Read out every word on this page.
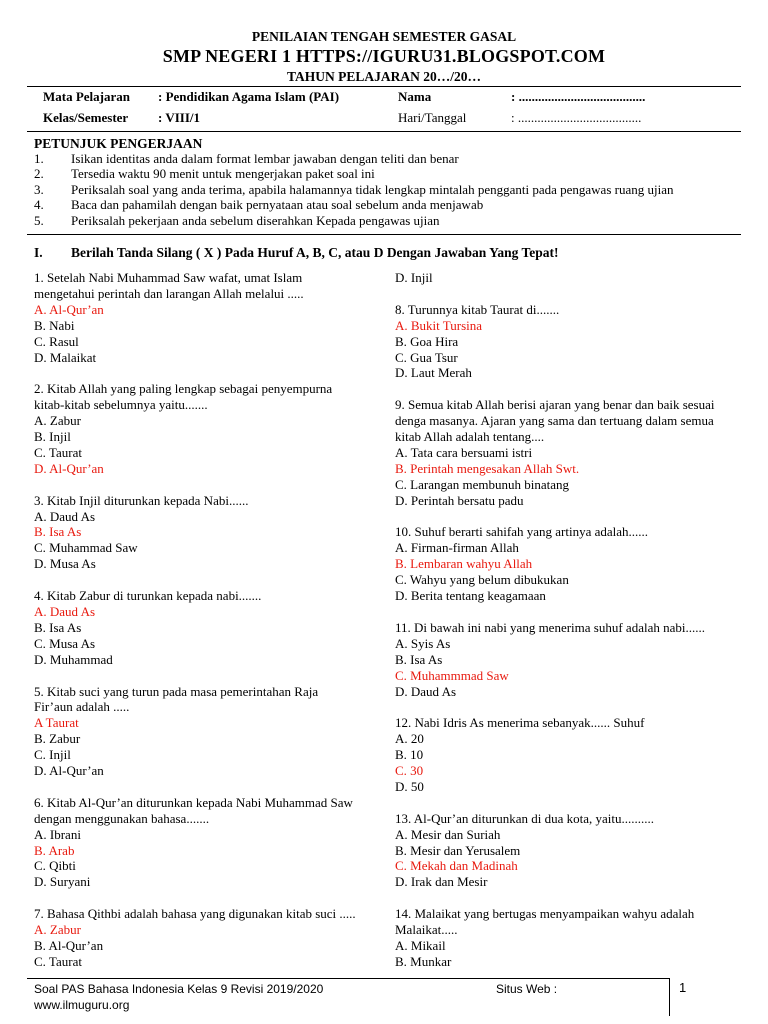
PENILAIAN TENGAH SEMESTER GASAL
SMP NEGERI 1 HTTPS://IGURU31.BLOGSPOT.COM
TAHUN PELAJARAN 20…/20…
Mata Pelajaran : Pendidikan Agama Islam (PAI)	Nama	: .......................................
Kelas/Semester : VIII/1	Hari/Tanggal	: ......................................
PETUNJUK PENGERJAAN
1. Isikan identitas anda dalam format lembar jawaban dengan teliti dan benar
2. Tersedia waktu 90 menit untuk mengerjakan paket soal ini
3. Periksalah soal yang anda terima, apabila halamannya tidak lengkap mintalah pengganti pada pengawas ruang ujian
4. Baca dan pahamilah dengan baik pernyataan atau soal sebelum anda menjawab
5. Periksalah pekerjaan anda sebelum diserahkan Kepada pengawas ujian
I. Berilah Tanda Silang ( X ) Pada Huruf A, B, C, atau D Dengan Jawaban Yang Tepat!
1. Setelah Nabi Muhammad Saw wafat, umat Islam
mengetahui perintah dan larangan Allah melalui .....
A. Al-Qur’an
B. Nabi
C. Rasul
D. Malaikat
2. Kitab Allah yang paling lengkap sebagai penyempurna
kitab-kitab sebelumnya yaitu.......
A. Zabur
B. Injil
C. Taurat
D. Al-Qur’an
3. Kitab Injil diturunkan kepada Nabi......
A. Daud As
B. Isa As
C. Muhammad Saw
D. Musa As
4. Kitab Zabur di turunkan kepada nabi.......
A. Daud As
B. Isa As
C. Musa As
D. Muhammad
5. Kitab suci yang turun pada masa pemerintahan Raja
Fir’aun adalah .....
A Taurat
B. Zabur
C. Injil
D. Al-Qur’an
6. Kitab Al-Qur’an diturunkan kepada Nabi Muhammad Saw
dengan menggunakan bahasa.......
A. Ibrani
B. Arab
C. Qibti
D. Suryani
7. Bahasa Qithbi adalah bahasa yang digunakan kitab suci .....
A. Zabur
B. Al-Qur’an
C. Taurat
D. Injil
8. Turunnya kitab Taurat di.......
A. Bukit Tursina
B. Goa Hira
C. Gua Tsur
D. Laut Merah
9. Semua kitab Allah berisi ajaran yang benar dan baik sesuai
denga masanya. Ajaran yang sama dan tertuang dalam semua
kitab Allah adalah tentang....
A. Tata cara bersuami istri
B. Perintah mengesakan Allah Swt.
C. Larangan membunuh binatang
D. Perintah bersatu padu
10. Suhuf berarti sahifah yang artinya adalah......
A. Firman-firman Allah
B. Lembaran wahyu Allah
C. Wahyu yang belum dibukukan
D. Berita tentang keagamaan
11. Di bawah ini nabi yang menerima suhuf adalah nabi......
A. Syis As
B. Isa As
C. Muhammmad Saw
D. Daud As
12. Nabi Idris As menerima sebanyak...... Suhuf
A. 20
B. 10
C. 30
D. 50
13. Al-Qur’an diturunkan di dua kota, yaitu..........
A. Mesir dan Suriah
B. Mesir dan Yerusalem
C. Mekah dan Madinah
D. Irak dan Mesir
14. Malaikat yang bertugas menyampaikan wahyu adalah
Malaikat.....
A. Mikail
B. Munkar
Soal PAS Bahasa Indonesia Kelas 9 Revisi 2019/2020
www.ilmuguru.org
Situs Web :	1
